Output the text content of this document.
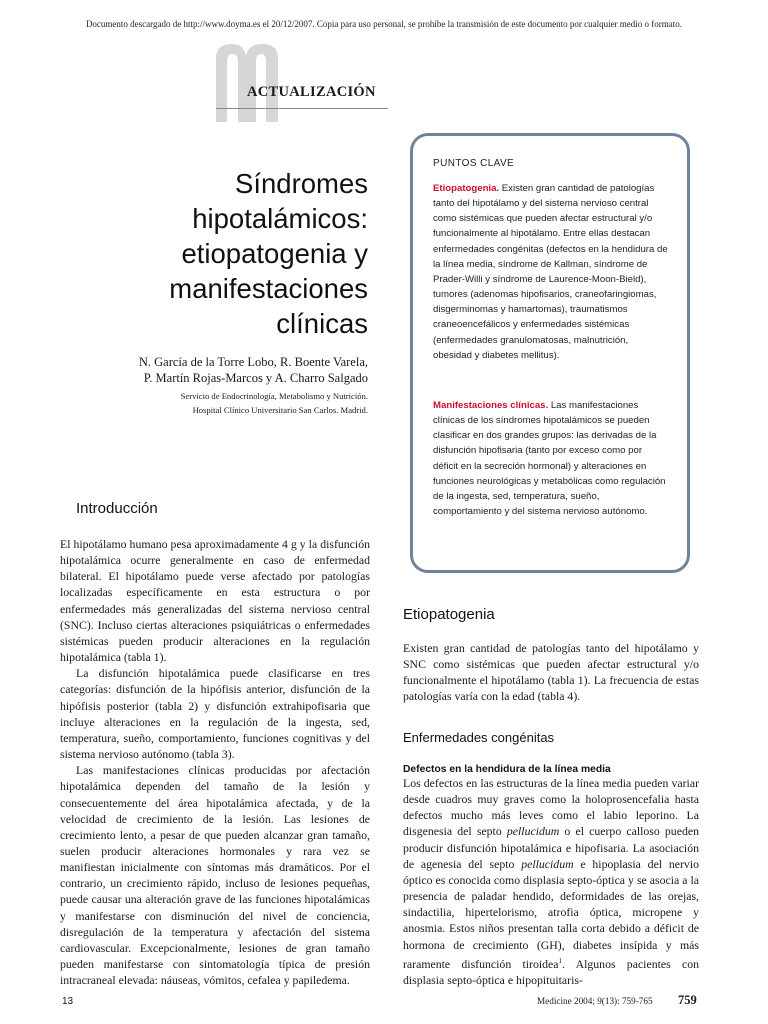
Documento descargado de http://www.doyma.es el 20/12/2007. Copia para uso personal, se prohíbe la transmisión de este documento por cualquier medio o formato.
ACTUALIZACIÓN
Síndromes
hipotalámicos:
etiopatogenia y
manifestaciones
clínicas
N. García de la Torre Lobo, R. Boente Varela,
P. Martín Rojas-Marcos y A. Charro Salgado
Servicio de Endocrinología, Metabolismo y Nutrición.
Hospital Clínico Universitario San Carlos. Madrid.
Introducción

El hipotálamo humano pesa aproximadamente 4 g y la disfunción hipotalámica ocurre generalmente en caso de enfermedad bilateral. El hipotálamo puede verse afectado por patologías localizadas específicamente en esta estructura o por enfermedades más generalizadas del sistema nervioso central (SNC). Incluso ciertas alteraciones psiquiátricas o enfermedades sistémicas pueden producir alteraciones en la regulación hipotalámica (tabla 1).

La disfunción hipotalámica puede clasificarse en tres categorías: disfunción de la hipófisis anterior, disfunción de la hipófisis posterior (tabla 2) y disfunción extrahipofisaria que incluye alteraciones en la regulación de la ingesta, sed, temperatura, sueño, comportamiento, funciones cognitivas y del sistema nervioso autónomo (tabla 3).

Las manifestaciones clínicas producidas por afectación hipotalámica dependen del tamaño de la lesión y consecuentemente del área hipotalámica afectada, y de la velocidad de crecimiento de la lesión. Las lesiones de crecimiento lento, a pesar de que pueden alcanzar gran tamaño, suelen producir alteraciones hormonales y rara vez se manifiestan inicialmente con síntomas más dramáticos. Por el contrario, un crecimiento rápido, incluso de lesiones pequeñas, puede causar una alteración grave de las funciones hipotalámicas y manifestarse con disminución del nivel de conciencia, disregulación de la temperatura y afectación del sistema cardiovascular. Excepcionalmente, lesiones de gran tamaño pueden manifestarse con sintomatología típica de presión intracraneal elevada: náuseas, vómitos, cefalea y papiledema.

PUNTOS CLAVE
Etiopatogenia. Existen gran cantidad de patologías tanto del hipotálamo y del sistema nervioso central como sistémicas que pueden afectar estructural y/o funcionalmente al hipotálamo. Entre ellas destacan enfermedades congénitas (defectos en la hendidura de la línea media, síndrome de Kallman, síndrome de Prader-Willi y síndrome de Laurence-Moon-Bield), tumores (adenomas hipofisarios, craneofaringiomas, disgerminomas y hamartomas), traumatismos craneoencefálicos y enfermedades sistémicas (enfermedades granulomatosas, malnutrición, obesidad y diabetes mellitus).
Manifestaciones clínicas. Las manifestaciones clínicas de los síndromes hipotalámicos se pueden clasificar en dos grandes grupos: las derivadas de la disfunción hipofisaria (tanto por exceso como por déficit en la secreción hormonal) y alteraciones en funciones neurológicas y metabólicas como regulación de la ingesta, sed, temperatura, sueño, comportamiento y del sistema nervioso autónomo.
Etiopatogenia

Existen gran cantidad de patologías tanto del hipotálamo y SNC como sistémicas que pueden afectar estructural y/o funcionalmente el hipotálamo (tabla 1). La frecuencia de estas patologías varía con la edad (tabla 4).

Enfermedades congénitas
Defectos en la hendidura de la línea media

Los defectos en las estructuras de la línea media pueden variar desde cuadros muy graves como la holoprosencefalia hasta defectos mucho más leves como el labio leporino. La disgenesia del septo pellucidum o el cuerpo calloso pueden producir disfunción hipotalámica e hipofisaria. La asociación de agenesia del septo pellucidum e hipoplasia del nervio óptico es conocida como displasia septo-óptica y se asocia a la presencia de paladar hendido, deformidades de las orejas, sindactilia, hipertelorismo, atrofia óptica, micropene y anosmia. Estos niños presentan talla corta debido a déficit de hormona de crecimiento (GH), diabetes insípida y más raramente disfunción tiroidea$^1$. Algunos pacientes con displasia septo-óptica e hipopituitaris-

13	Medicine 2004; 9(13): 759-765 759
